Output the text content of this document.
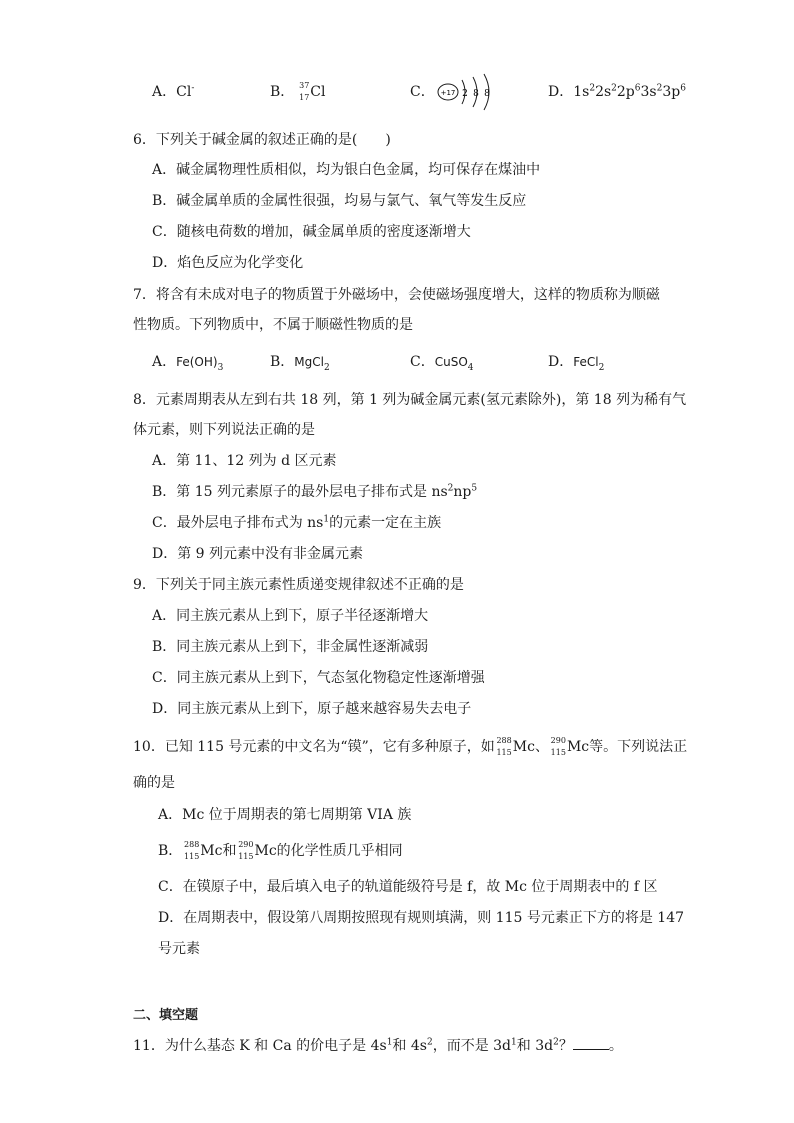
A．Cl-	B． 37
17 Cl	C． +17 2 8 8	D．$1s^22s^22p^63s^23p^6$
6．下列关于碱金属的叙述正确的是(　　)
A．碱金属物理性质相似，均为银白色金属，均可保存在煤油中
B．碱金属单质的金属性很强，均易与氯气、氧气等发生反应
C．随核电荷数的增加，碱金属单质的密度逐渐增大
D．焰色反应为化学变化
7．将含有未成对电子的物质置于外磁场中，会使磁场强度增大，这样的物质称为顺磁
性物质。下列物质中，不属于顺磁性物质的是
A．$Fe(OH)_3$	B．MgCl$_2$	C．CuSO$_4$	D．FeCl$_2$
8．元素周期表从左到右共 18 列，第 1 列为碱金属元素(氢元素除外)，第 18 列为稀有气
体元素，则下列说法正确的是
A．第 11、12 列为 d 区元素
B．第 15 列元素原子的最外层电子排布式是 $ns^2np^5$
C．最外层电子排布式为 $ns^1$的元素一定在主族
D．第 9 列元素中没有非金属元素
9．下列关于同主族元素性质递变规律叙述不正确的是
A．同主族元素从上到下，原子半径逐渐增大
B．同主族元素从上到下，非金属性逐渐减弱
C．同主族元素从上到下，气态氢化物稳定性逐渐增强
D．同主族元素从上到下，原子越来越容易失去电子
10．已知 115 号元素的中文名为“镆”，它有多种原子，如 288
115 Mc、 290
115 Mc等。下列说法正
确的是
A．Mc 位于周期表的第七周期第 VIA 族
B． 288
115 Mc和 290
115 Mc的化学性质几乎相同
C．在镆原子中，最后填入电子的轨道能级符号是 f，故 Mc 位于周期表中的 f 区
D．在周期表中，假设第八周期按照现有规则填满，则 115 号元素正下方的将是 147
号元素
二、填空题
11．为什么基态 K 和 Ca 的价电子是 $4s^1$和 $4s^2$，而不是 $3d^1$和 $3d^2$？	。
